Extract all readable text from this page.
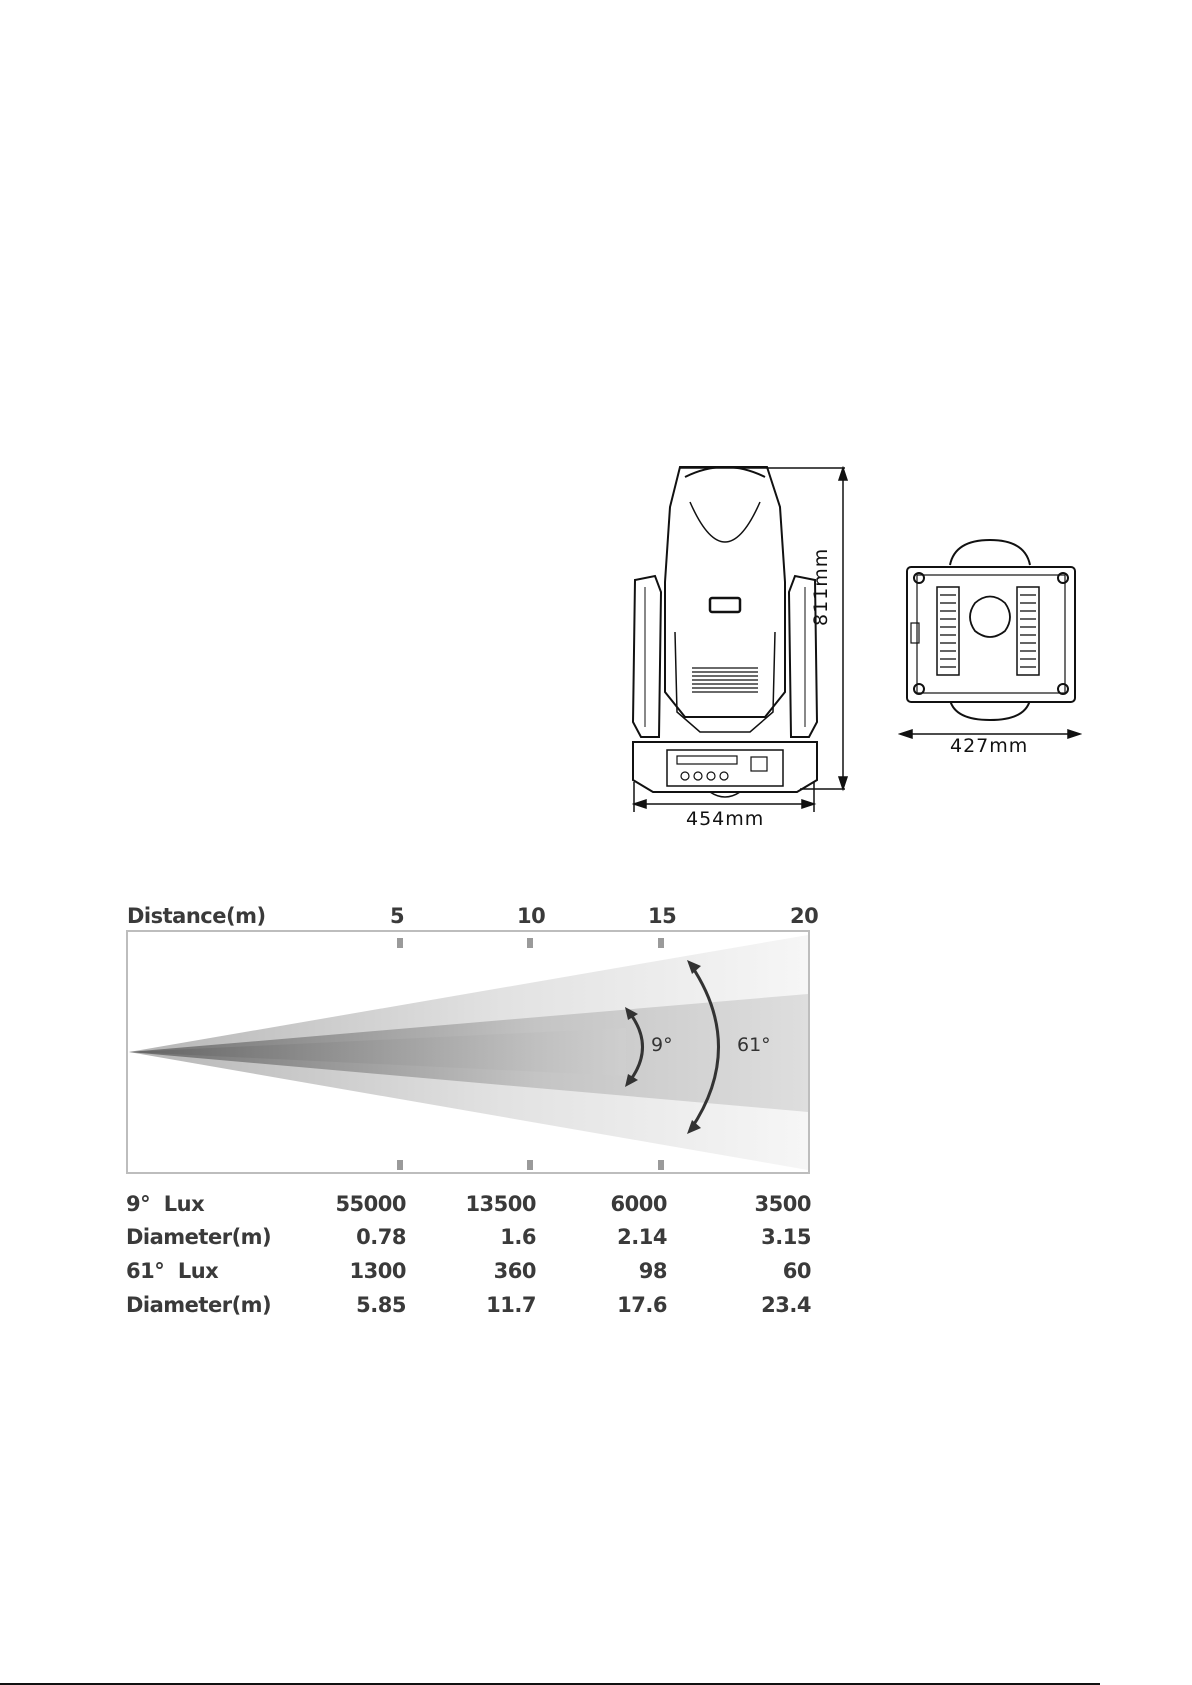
811mm
454mm
427mm
Distance(m)	5	10	15	20
9°	61°
9°  Lux	55000	13500	6000	3500
Diameter(m)	0.78	1.6	2.14	3.15
61°  Lux	1300	360	98	60
Diameter(m)	5.85	11.7	17.6	23.4
